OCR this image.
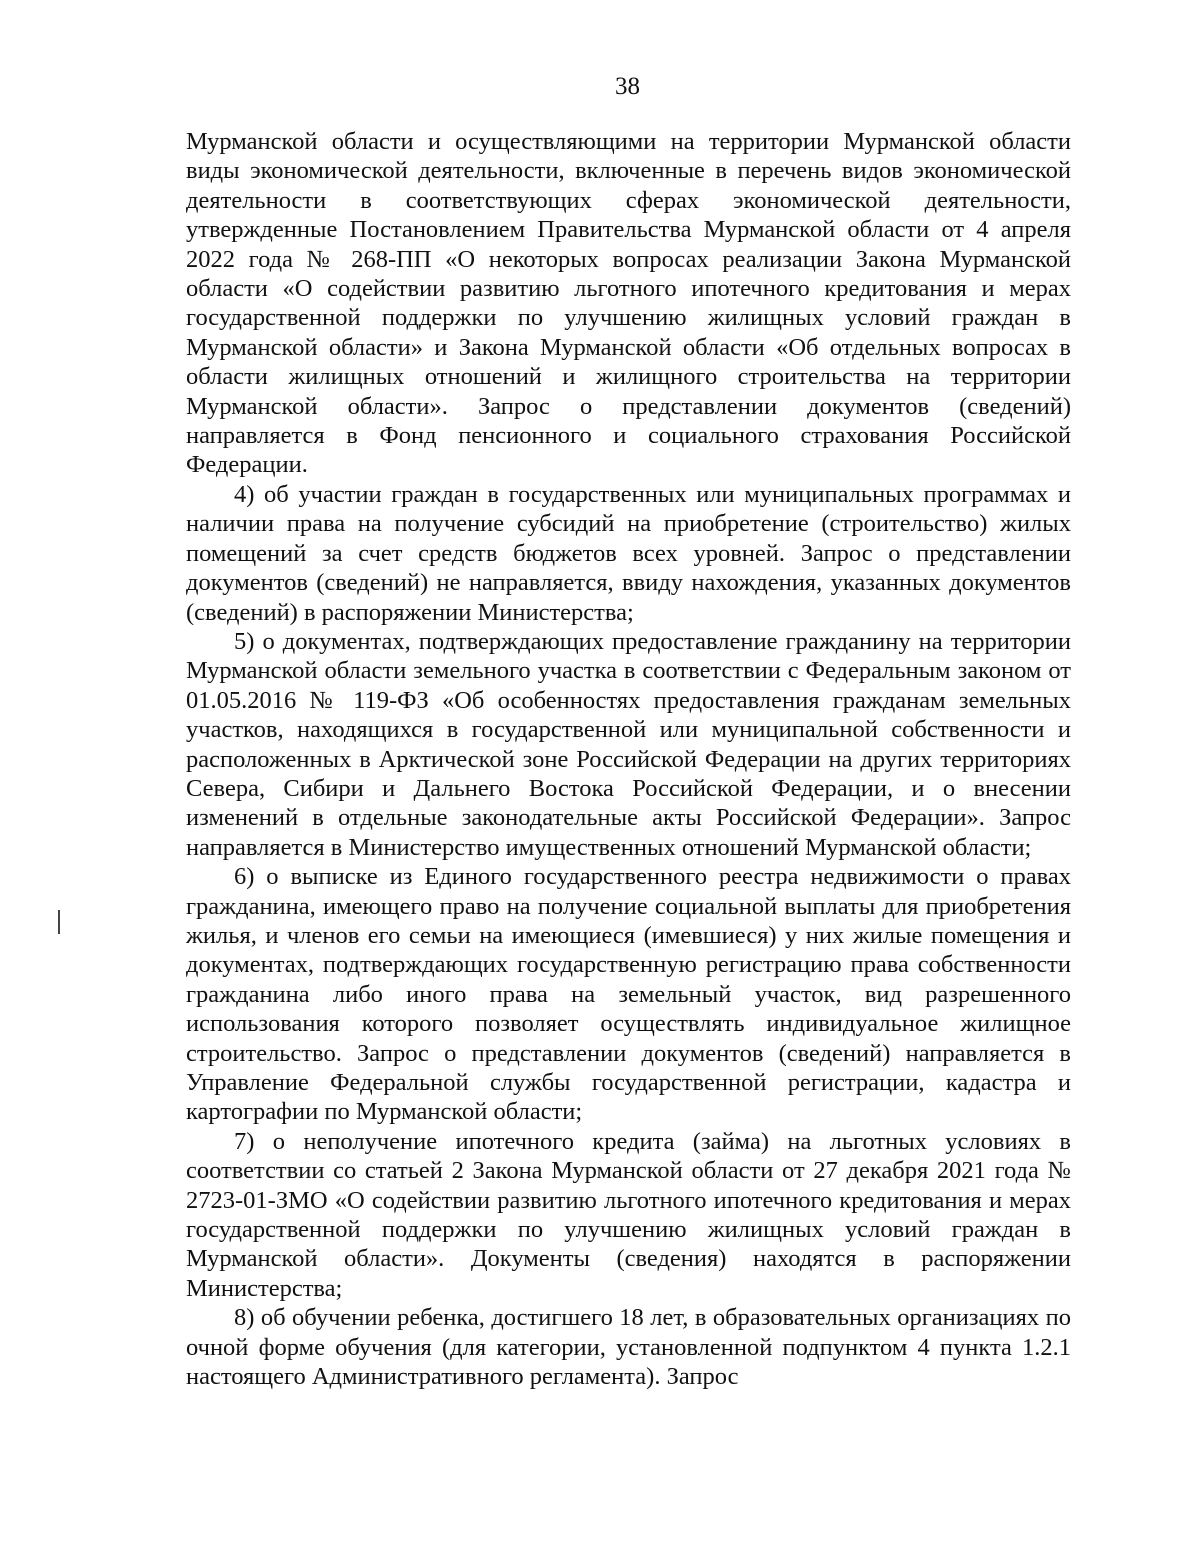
38

Мурманской области и осуществляющими на территории Мурманской области виды экономической деятельности, включенные в перечень видов экономической деятельности в соответствующих сферах экономической деятельности, утвержденные Постановлением Правительства Мурманской области от 4 апреля 2022 года № 268-ПП «О некоторых вопросах реализации Закона Мурманской области «О содействии развитию льготного ипотечного кредитования и мерах государственной поддержки по улучшению жилищных условий граждан в Мурманской области» и Закона Мурманской области «Об отдельных вопросах в области жилищных отношений и жилищного строительства на территории Мурманской области». Запрос о представлении документов (сведений) направляется в Фонд пенсионного и социального страхования Российской Федерации.

4) об участии граждан в государственных или муниципальных программах и наличии права на получение субсидий на приобретение (строительство) жилых помещений за счет средств бюджетов всех уровней. Запрос о представлении документов (сведений) не направляется, ввиду нахождения, указанных документов (сведений) в распоряжении Министерства;

5) о документах, подтверждающих предоставление гражданину на территории Мурманской области земельного участка в соответствии с Федеральным законом от 01.05.2016 № 119-ФЗ «Об особенностях предоставления гражданам земельных участков, находящихся в государственной или муниципальной собственности и расположенных в Арктической зоне Российской Федерации на других территориях Севера, Сибири и Дальнего Востока Российской Федерации, и о внесении изменений в отдельные законодательные акты Российской Федерации». Запрос направляется в Министерство имущественных отношений Мурманской области;

6) о выписке из Единого государственного реестра недвижимости о правах гражданина, имеющего право на получение социальной выплаты для приобретения жилья, и членов его семьи на имеющиеся (имевшиеся) у них жилые помещения и документах, подтверждающих государственную регистрацию права собственности гражданина либо иного права на земельный участок, вид разрешенного использования которого позволяет осуществлять индивидуальное жилищное строительство. Запрос о представлении документов (сведений) направляется в Управление Федеральной службы государственной регистрации, кадастра и картографии по Мурманской области;

7) о неполучение ипотечного кредита (займа) на льготных условиях в соответствии со статьей 2 Закона Мурманской области от 27 декабря 2021 года № 2723-01-ЗМО «О содействии развитию льготного ипотечного кредитования и мерах государственной поддержки по улучшению жилищных условий граждан в Мурманской области». Документы (сведения) находятся в распоряжении Министерства;

8) об обучении ребенка, достигшего 18 лет, в образовательных организациях по очной форме обучения (для категории, установленной подпунктом 4 пункта 1.2.1 настоящего Административного регламента). Запрос
